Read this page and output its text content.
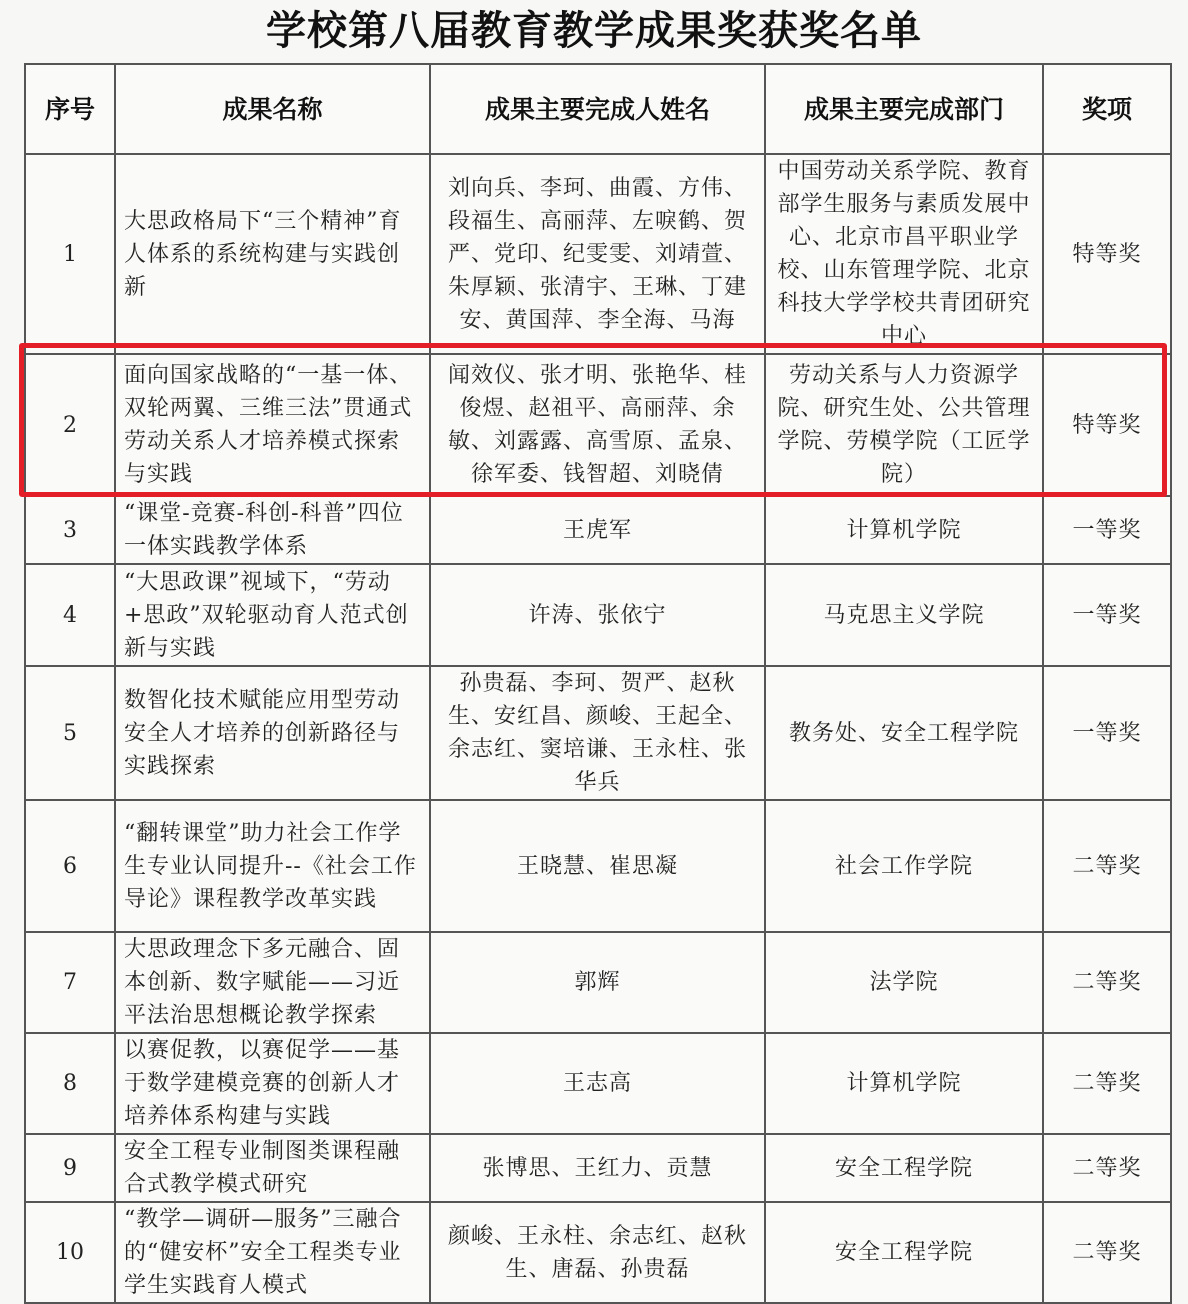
学校第八届教育教学成果奖获奖名单
序号	成果名称	成果主要完成人姓名	成果主要完成部门	奖项
1	大思政格局下“三个精神”育人体系的系统构建与实践创新	刘向兵、李珂、曲霞、方伟、段福生、高丽萍、左唳鹤、贺严、党印、纪雯雯、刘靖萱、朱厚颖、张清宇、王琳、丁建安、黄国萍、李全海、马海	中国劳动关系学院、教育部学生服务与素质发展中心、北京市昌平职业学校、山东管理学院、北京科技大学学校共青团研究中心	特等奖
2	面向国家战略的“一基一体、双轮两翼、三维三法”贯通式劳动关系人才培养模式探索与实践	闻效仪、张才明、张艳华、桂俊煜、赵祖平、高丽萍、余敏、刘露露、高雪原、孟泉、徐军委、钱智超、刘晓倩	劳动关系与人力资源学院、研究生处、公共管理学院、劳模学院（工匠学院）	特等奖
3	“课堂-竞赛-科创-科普”四位一体实践教学体系	王虎军	计算机学院	一等奖
4	“大思政课”视域下，“劳动+思政”双轮驱动育人范式创新与实践	许涛、张依宁	马克思主义学院	一等奖
5	数智化技术赋能应用型劳动安全人才培养的创新路径与实践探索	孙贵磊、李珂、贺严、赵秋生、安红昌、颜峻、王起全、余志红、窦培谦、王永柱、张华兵	教务处、安全工程学院	一等奖
6	“翻转课堂”助力社会工作学生专业认同提升--《社会工作导论》课程教学改革实践	王晓慧、崔思凝	社会工作学院	二等奖
7	大思政理念下多元融合、固本创新、数字赋能——习近平法治思想概论教学探索	郭辉	法学院	二等奖
8	以赛促教，以赛促学——基于数学建模竞赛的创新人才培养体系构建与实践	王志高	计算机学院	二等奖
9	安全工程专业制图类课程融合式教学模式研究	张博思、王红力、贡慧	安全工程学院	二等奖
10	“教学—调研—服务”三融合的“健安杯”安全工程类专业学生实践育人模式	颜峻、王永柱、余志红、赵秋生、唐磊、孙贵磊	安全工程学院	二等奖
